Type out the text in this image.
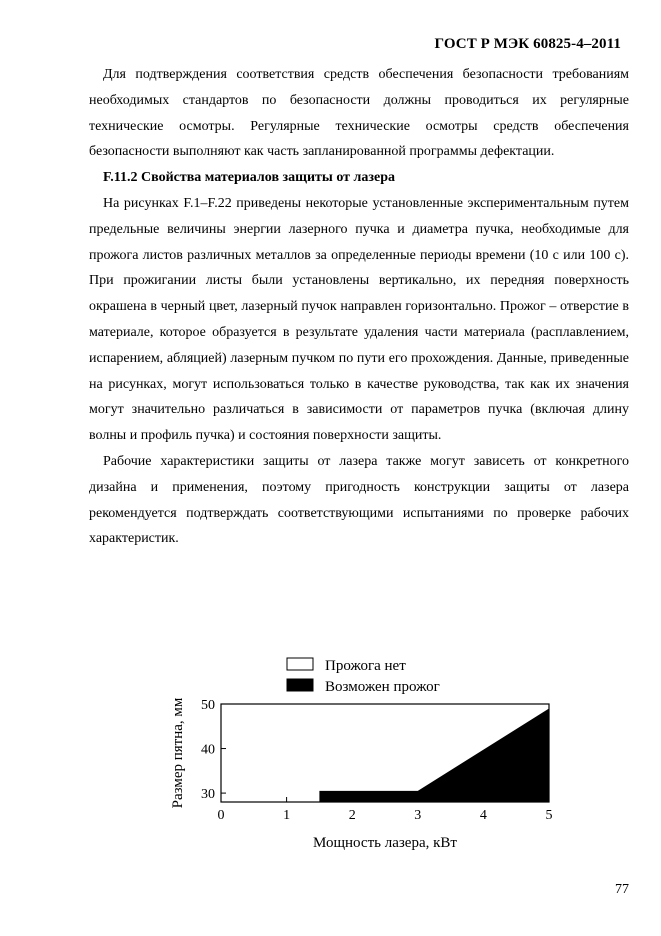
ГОСТ Р МЭК 60825-4–2011

Для подтверждения соответствия средств обеспечения безопасности требованиям необходимых стандартов по безопасности должны проводиться их регулярные технические осмотры. Регулярные технические осмотры средств обеспечения безопасности выполняют как часть запланированной программы дефектации.

F.11.2 Свойства материалов защиты от лазера

На рисунках F.1–F.22 приведены некоторые установленные экспериментальным путем предельные величины энергии лазерного пучка и диаметра пучка, необходимые для прожога листов различных металлов за определенные периоды времени (10 с или 100 с). При прожигании листы были установлены вертикально, их передняя поверхность окрашена в черный цвет, лазерный пучок направлен горизонтально. Прожог – отверстие в материале, которое образуется в результате удаления части материала (расплавлением, испарением, абляцией) лазерным пучком по пути его прохождения. Данные, приведенные на рисунках, могут использоваться только в качестве руководства, так как их значения могут значительно различаться в зависимости от параметров пучка (включая длину волны и профиль пучка) и состояния поверхности защиты.

Рабочие характеристики защиты от лазера также могут зависеть от конкретного дизайна и применения, поэтому пригодность конструкции защиты от лазера рекомендуется подтверждать соответствующими испытаниями по проверке рабочих характеристик.

Прожога нет
Возможен прожог
0	1	2	3	4	5
30
40
50
Размер пятна, мм
Мощность лазера, кВт
77
